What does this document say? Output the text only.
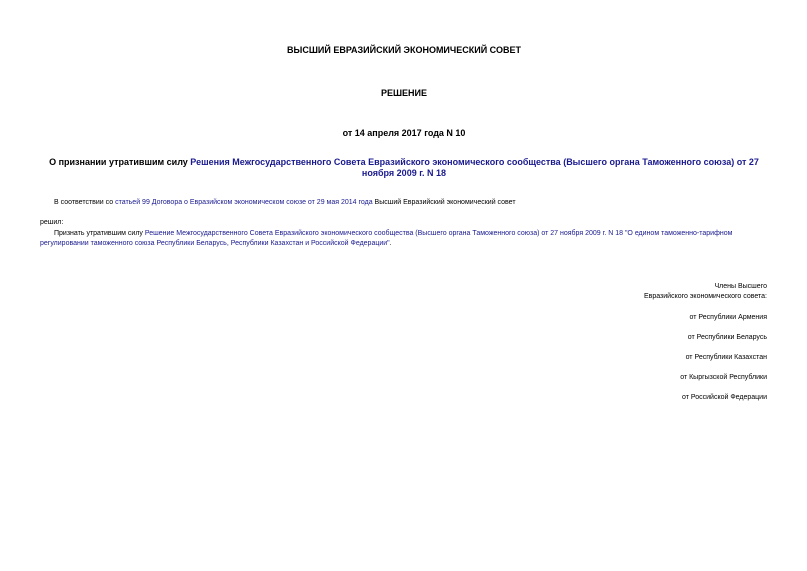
ВЫСШИЙ ЕВРАЗИЙСКИЙ ЭКОНОМИЧЕСКИЙ СОВЕТ
РЕШЕНИЕ
от 14 апреля 2017 года N 10
О признании утратившим силу Решения Межгосударственного Совета Евразийского экономического сообщества (Высшего органа Таможенного союза) от 27 ноября 2009 г. N 18
В соответствии со статьей 99 Договора о Евразийском экономическом союзе от 29 мая 2014 года Высший Евразийский экономический совет
решил:
Признать утратившим силу Решение Межгосударственного Совета Евразийского экономического сообщества (Высшего органа Таможенного союза) от 27 ноября 2009 г. N 18 "О едином таможенно-тарифном регулировании таможенного союза Республики Беларусь, Республики Казахстан и Российской Федерации".
Члены Высшего
Евразийского экономического совета:
от Республики Армения
от Республики Беларусь
от Республики Казахстан
от Кыргызской Республики
от Российской Федерации
